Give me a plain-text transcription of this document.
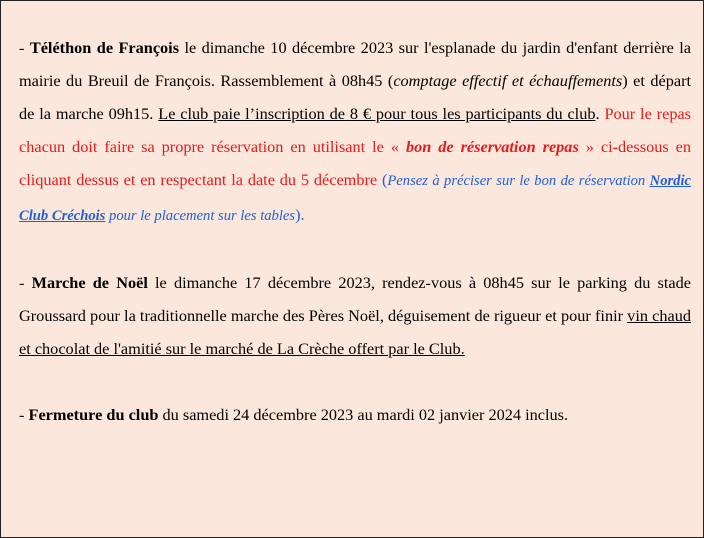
- Téléthon de François le dimanche 10 décembre 2023 sur l'esplanade du jardin d'enfant derrière la mairie du Breuil de François. Rassemblement à 08h45 (comptage effectif et échauffements) et départ de la marche 09h15. Le club paie l’inscription de 8 € pour tous les participants du club. Pour le repas chacun doit faire sa propre réservation en utilisant le « bon de réservation repas » ci-dessous en cliquant dessus et en respectant la date du 5 décembre (Pensez à préciser sur le bon de réservation Nordic Club Créchois pour le placement sur les tables).

- Marche de Noël le dimanche 17 décembre 2023, rendez-vous à 08h45 sur le parking du stade Groussard pour la traditionnelle marche des Pères Noël, déguisement de rigueur et pour finir vin chaud et chocolat de l'amitié sur le marché de La Crèche offert par le Club.

- Fermeture du club du samedi 24 décembre 2023 au mardi 02 janvier 2024 inclus.
